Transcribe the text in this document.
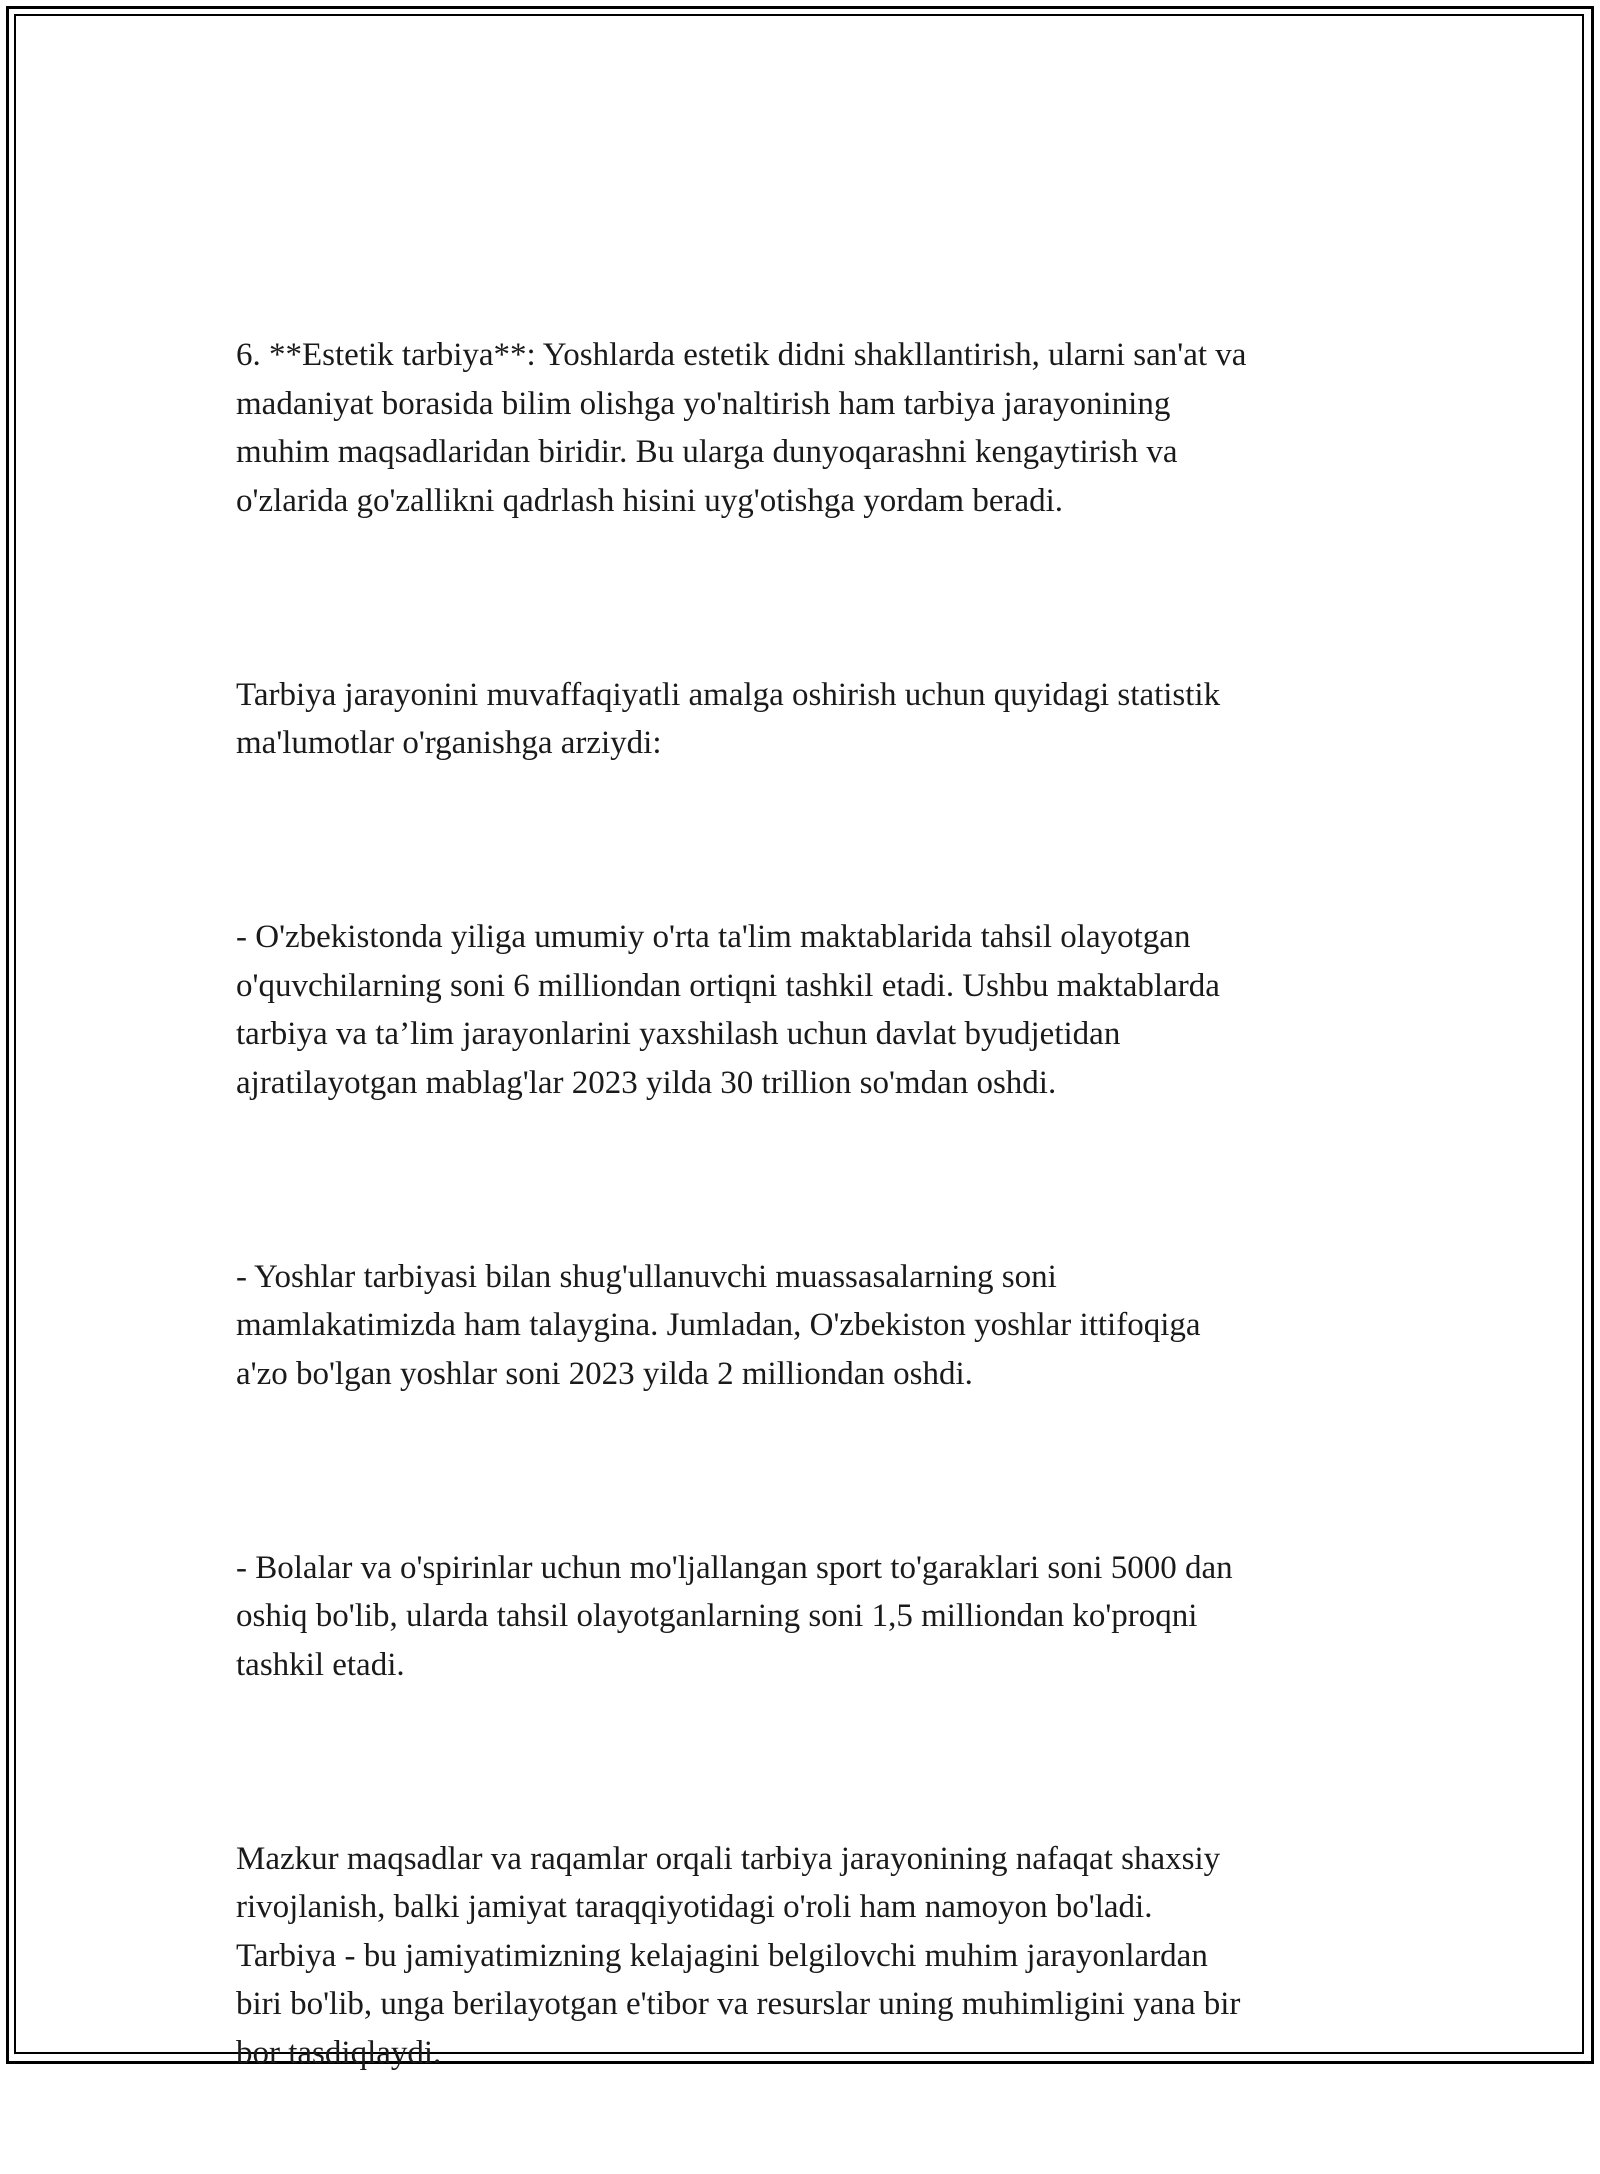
6. **Estetik tarbiya**: Yoshlarda estetik didni shakllantirish, ularni san'at va
madaniyat borasida bilim olishga yo'naltirish ham tarbiya jarayonining
muhim maqsadlaridan biridir. Bu ularga dunyoqarashni kengaytirish va
o'zlarida go'zallikni qadrlash hisini uyg'otishga yordam beradi.

Tarbiya jarayonini muvaffaqiyatli amalga oshirish uchun quyidagi statistik
ma'lumotlar o'rganishga arziydi:

- O'zbekistonda yiliga umumiy o'rta ta'lim maktablarida tahsil olayotgan
o'quvchilarning soni 6 milliondan ortiqni tashkil etadi. Ushbu maktablarda
tarbiya va ta’lim jarayonlarini yaxshilash uchun davlat byudjetidan
ajratilayotgan mablag'lar 2023 yilda 30 trillion so'mdan oshdi.

- Yoshlar tarbiyasi bilan shug'ullanuvchi muassasalarning soni
mamlakatimizda ham talaygina. Jumladan, O'zbekiston yoshlar ittifoqiga
a'zo bo'lgan yoshlar soni 2023 yilda 2 milliondan oshdi.

- Bolalar va o'spirinlar uchun mo'ljallangan sport to'garaklari soni 5000 dan
oshiq bo'lib, ularda tahsil olayotganlarning soni 1,5 milliondan ko'proqni
tashkil etadi.

Mazkur maqsadlar va raqamlar orqali tarbiya jarayonining nafaqat shaxsiy
rivojlanish, balki jamiyat taraqqiyotidagi o'roli ham namoyon bo'ladi.
Tarbiya - bu jamiyatimizning kelajagini belgilovchi muhim jarayonlardan
biri bo'lib, unga berilayotgan e'tibor va resurslar uning muhimligini yana bir
bor tasdiqlaydi.
